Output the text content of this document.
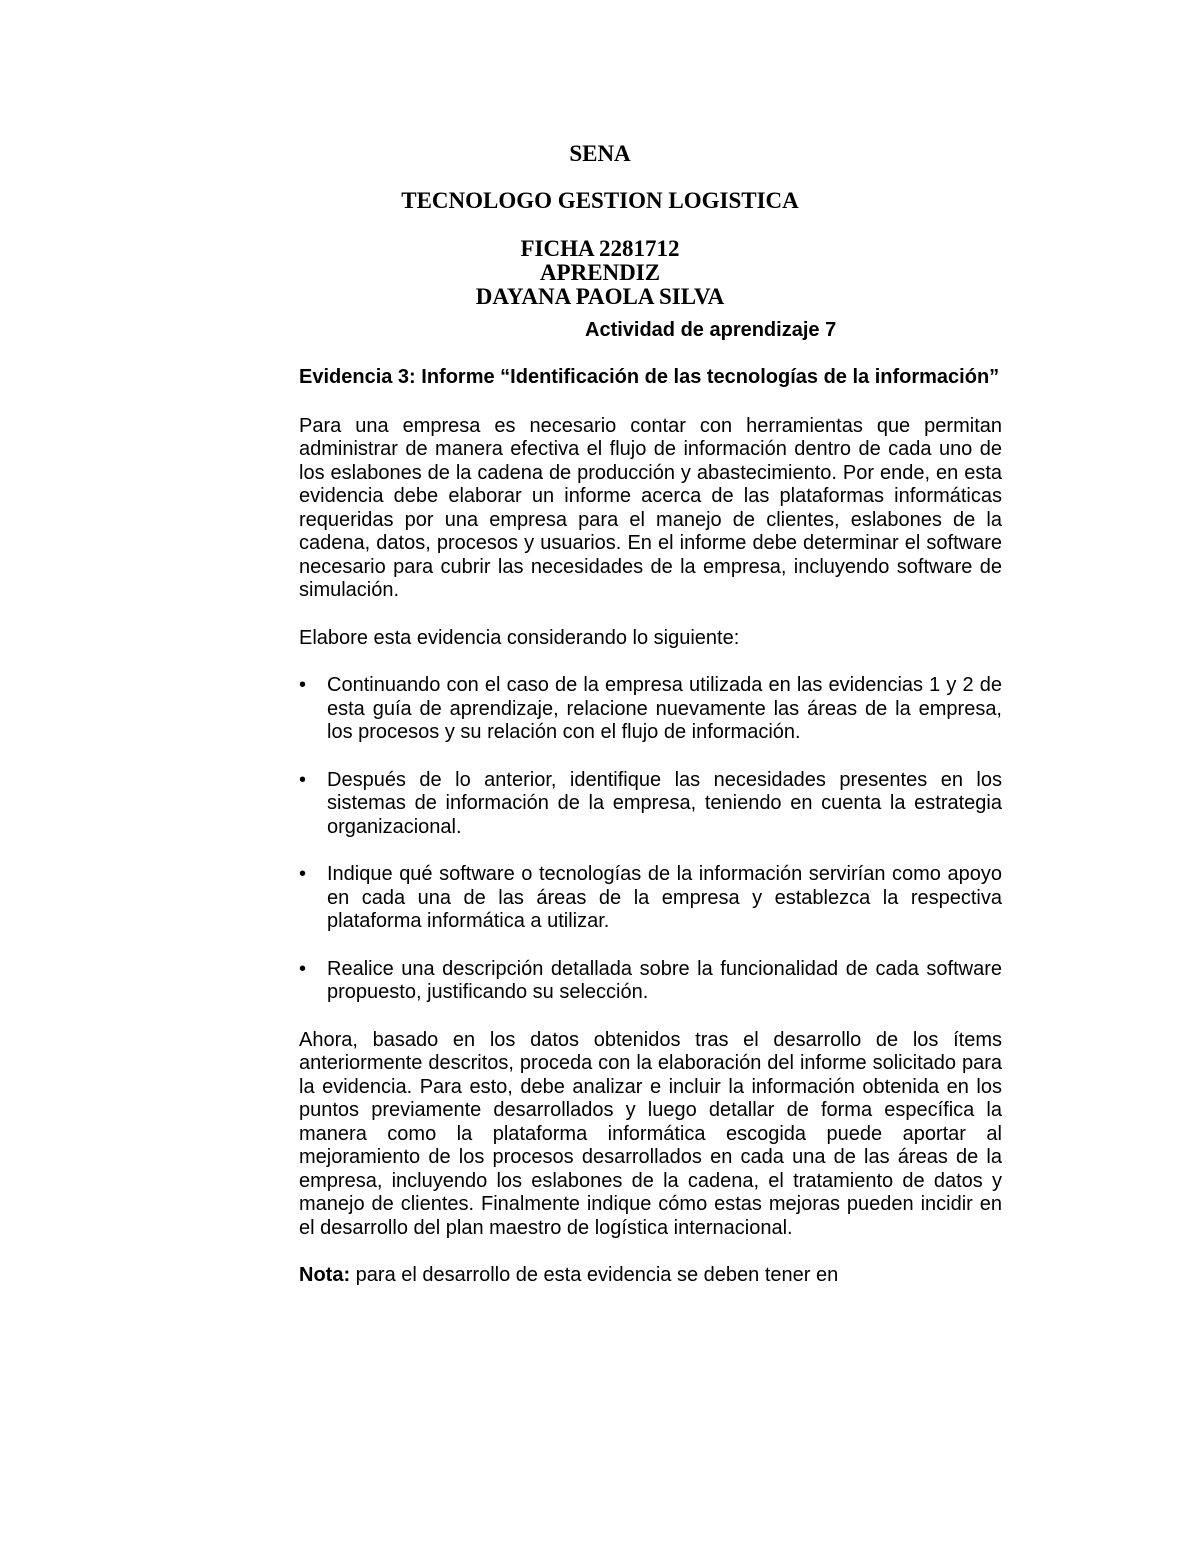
SENA

TECNOLOGO GESTION LOGISTICA

FICHA 2281712
APRENDIZ
DAYANA PAOLA SILVA

Actividad de aprendizaje 7

Evidencia 3: Informe “Identificación de las tecnologías de la información”

Para una empresa es necesario contar con herramientas que permitan administrar de manera efectiva el flujo de información dentro de cada uno de los eslabones de la cadena de producción y abastecimiento. Por ende, en esta evidencia debe elaborar un informe acerca de las plataformas informáticas requeridas por una empresa para el manejo de clientes, eslabones de la cadena, datos, procesos y usuarios. En el informe debe determinar el software necesario para cubrir las necesidades de la empresa, incluyendo software de simulación.

Elabore esta evidencia considerando lo siguiente:

•	Continuando con el caso de la empresa utilizada en las evidencias 1 y 2 de esta guía de aprendizaje, relacione nuevamente las áreas de la empresa, los procesos y su relación con el flujo de información.
•	Después de lo anterior, identifique las necesidades presentes en los sistemas de información de la empresa, teniendo en cuenta la estrategia organizacional.
•	Indique qué software o tecnologías de la información servirían como apoyo en cada una de las áreas de la empresa y establezca la respectiva plataforma informática a utilizar.
•	Realice una descripción detallada sobre la funcionalidad de cada software propuesto, justificando su selección.

Ahora, basado en los datos obtenidos tras el desarrollo de los ítems anteriormente descritos, proceda con la elaboración del informe solicitado para la evidencia. Para esto, debe analizar e incluir la información obtenida en los puntos previamente desarrollados y luego detallar de forma específica la manera como la plataforma informática escogida puede aportar al mejoramiento de los procesos desarrollados en cada una de las áreas de la empresa, incluyendo los eslabones de la cadena, el tratamiento de datos y manejo de clientes. Finalmente indique cómo estas mejoras pueden incidir en el desarrollo del plan maestro de logística internacional.

Nota: para el desarrollo de esta evidencia se deben tener en
